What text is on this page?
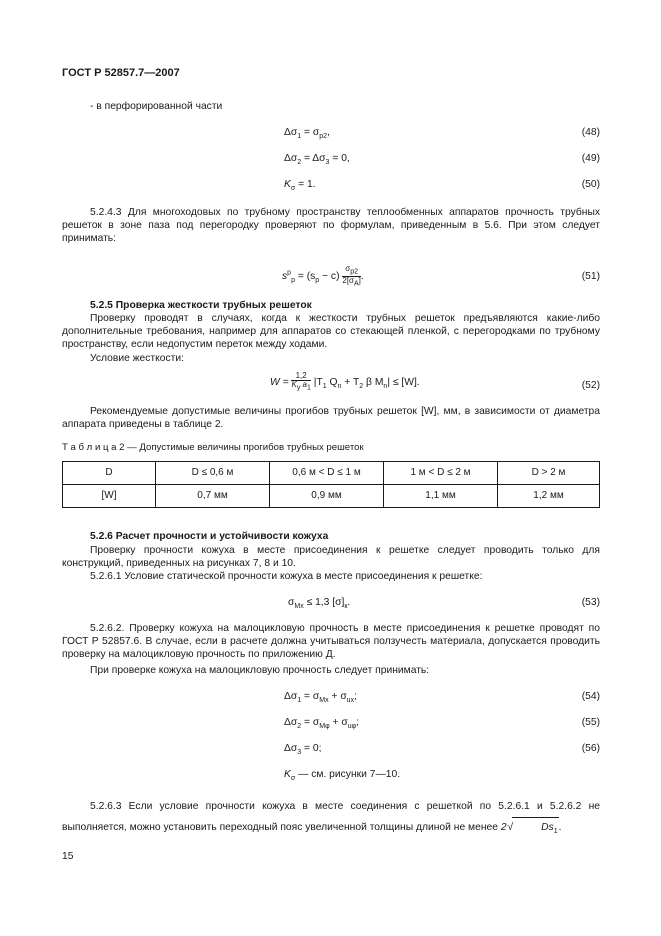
ГОСТ Р 52857.7—2007
- в перфорированной части
$\Delta\sigma_1 = \sigma_{р2}$,	(48)
$\Delta\sigma_2 = \Delta\sigma_3 = 0$,	(49)
$K_\sigma = 1$.	(50)
5.2.4.3 Для многоходовых по трубному пространству теплообменных аппаратов прочность трубных решеток в зоне паза под перегородку проверяют по формулам, приведенным в 5.6. При этом следует принимать:
$s^р_р = (s_р - c) \frac{\sigma_{р2}}{2[\sigma_А]}$ .	(51)
5.2.5 Проверка жесткости трубных решеток
Проверку проводят в случаях, когда к жесткости трубных решеток предъявляются какие-либо дополнительные требования, например для аппаратов со стекающей пленкой, с перегородками по трубному пространству, если недопустим переток между ходами.
Условие жесткости:
$W = \frac{1,2}{K_y a_1} |T_1$ $Q_n + T_2$ β $M_n| \le [W]$.	(52)
Рекомендуемые допустимые величины прогибов трубных решеток [W], мм, в зависимости от диаметра аппарата приведены в таблице 2.
Т а б л и ц а 2 — Допустимые величины прогибов трубных решеток
D	D ≤ 0,6 м	0,6 м < D ≤ 1 м	1 м < D ≤ 2 м	D > 2 м
[W]	0,7 мм	0,9 мм	1,1 мм	1,2 мм
5.2.6 Расчет прочности и устойчивости кожуха
Проверку прочности кожуха в месте присоединения к решетке следует проводить только для конструкций, приведенных на рисунках 7, 8 и 10.
5.2.6.1 Условие статической прочности кожуха в месте присоединения к решетке:
$\sigma_{Mx} \le 1,3$ $[\sigma]_к$.	(53)
5.2.6.2. Проверку кожуха на малоцикловую прочность в месте присоединения к решетке проводят по ГОСТ Р 52857.6. В случае, если в расчете должна учитываться ползучесть материала, допускается проводить проверку на малоцикловую прочность по приложению Д.
При проверке кожуха на малоцикловую прочность следует принимать:
$\Delta\sigma_1 = \sigma_{Mx} + \sigma_{ux}$;	(54)
$\Delta\sigma_2 = \sigma_{M\varphi} + \sigma_{u\varphi}$;	(55)
$\Delta\sigma_3 = 0$;	(56)
$K_\sigma$ — см. рисунки 7—10.
5.2.6.3 Если условие прочности кожуха в месте соединения с решеткой по 5.2.6.1 и 5.2.6.2 не выполняется, можно установить переходный пояс увеличенной толщины длиной не менее 2 √	$Ds_1$.
15
